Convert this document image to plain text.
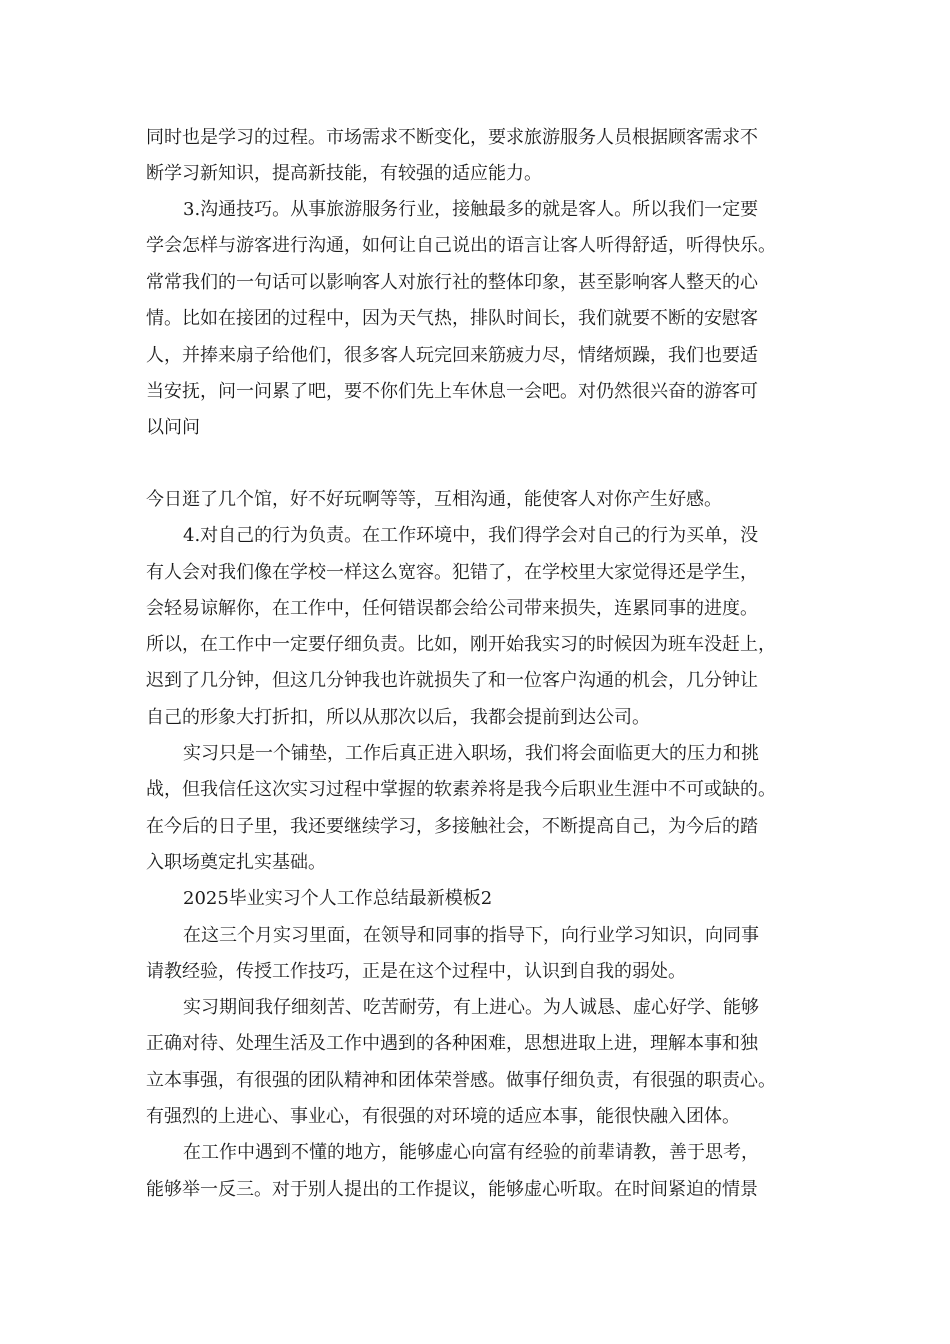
同时也是学习的过程。市场需求不断变化，要求旅游服务人员根据顾客需求不
断学习新知识，提高新技能，有较强的适应能力。
3.沟通技巧。从事旅游服务行业，接触最多的就是客人。所以我们一定要
学会怎样与游客进行沟通，如何让自己说出的语言让客人听得舒适，听得快乐。
常常我们的一句话可以影响客人对旅行社的整体印象，甚至影响客人整天的心
情。比如在接团的过程中，因为天气热，排队时间长，我们就要不断的安慰客
人，并捧来扇子给他们，很多客人玩完回来筋疲力尽，情绪烦躁，我们也要适
当安抚，问一问累了吧，要不你们先上车休息一会吧。对仍然很兴奋的游客可
以问问
今日逛了几个馆，好不好玩啊等等，互相沟通，能使客人对你产生好感。
4.对自己的行为负责。在工作环境中，我们得学会对自己的行为买单，没
有人会对我们像在学校一样这么宽容。犯错了，在学校里大家觉得还是学生，
会轻易谅解你，在工作中，任何错误都会给公司带来损失，连累同事的进度。
所以，在工作中一定要仔细负责。比如，刚开始我实习的时候因为班车没赶上，
迟到了几分钟，但这几分钟我也许就损失了和一位客户沟通的机会，几分钟让
自己的形象大打折扣，所以从那次以后，我都会提前到达公司。
实习只是一个铺垫，工作后真正进入职场，我们将会面临更大的压力和挑
战，但我信任这次实习过程中掌握的软素养将是我今后职业生涯中不可或缺的。
在今后的日子里，我还要继续学习，多接触社会，不断提高自己，为今后的踏
入职场奠定扎实基础。
2025毕业实习个人工作总结最新模板2
在这三个月实习里面，在领导和同事的指导下，向行业学习知识，向同事
请教经验，传授工作技巧，正是在这个过程中，认识到自我的弱处。
实习期间我仔细刻苦、吃苦耐劳，有上进心。为人诚恳、虚心好学、能够
正确对待、处理生活及工作中遇到的各种困难，思想进取上进，理解本事和独
立本事强，有很强的团队精神和团体荣誉感。做事仔细负责，有很强的职责心。
有强烈的上进心、事业心，有很强的对环境的适应本事，能很快融入团体。
在工作中遇到不懂的地方，能够虚心向富有经验的前辈请教，善于思考，
能够举一反三。对于别人提出的工作提议，能够虚心听取。在时间紧迫的情景
